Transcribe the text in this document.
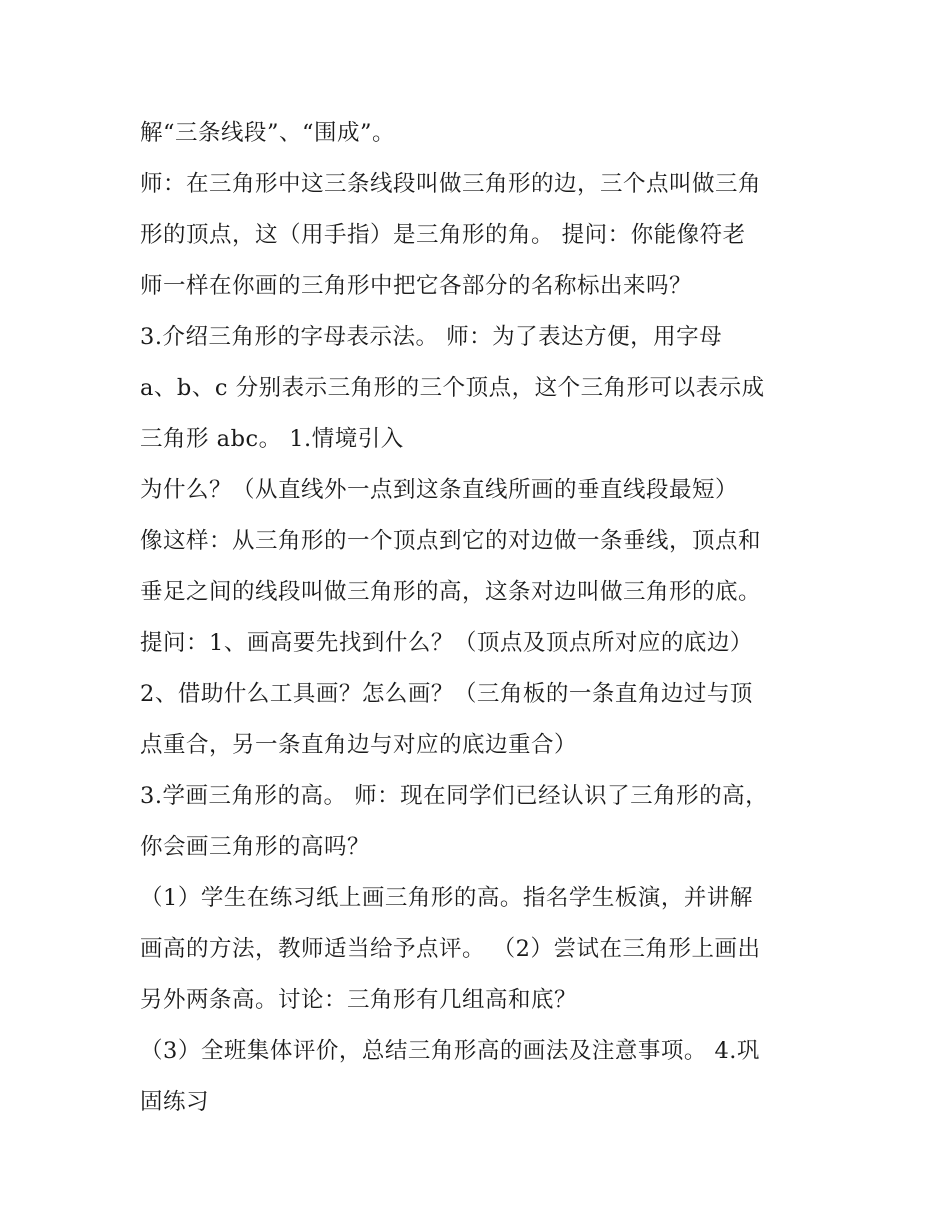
解“三条线段”、“围成”。
师：在三角形中这三条线段叫做三角形的边，三个点叫做三角
形的顶点，这（用手指）是三角形的角。 提问：你能像符老
师一样在你画的三角形中把它各部分的名称标出来吗？
3.介绍三角形的字母表示法。 师：为了表达方便，用字母
a、b、c 分别表示三角形的三个顶点，这个三角形可以表示成
三角形 abc。 1.情境引入
为什么？（从直线外一点到这条直线所画的垂直线段最短）
像这样：从三角形的一个顶点到它的对边做一条垂线，顶点和
垂足之间的线段叫做三角形的高，这条对边叫做三角形的底。
提问：1、画高要先找到什么？（顶点及顶点所对应的底边）
2、借助什么工具画？怎么画？（三角板的一条直角边过与顶
点重合，另一条直角边与对应的底边重合）
3.学画三角形的高。 师：现在同学们已经认识了三角形的高，
你会画三角形的高吗？
（1）学生在练习纸上画三角形的高。指名学生板演，并讲解
画高的方法，教师适当给予点评。 （2）尝试在三角形上画出
另外两条高。讨论：三角形有几组高和底？
（3）全班集体评价，总结三角形高的画法及注意事项。 4.巩
固练习
